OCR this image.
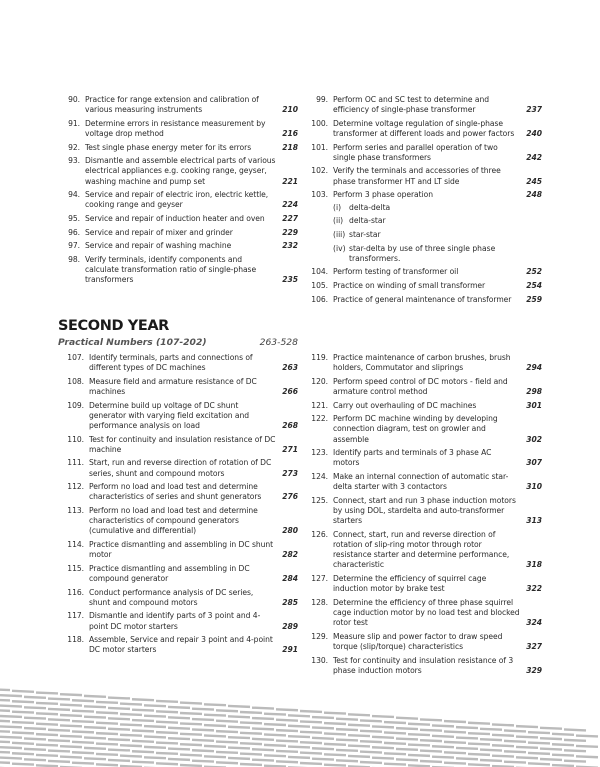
90. Practice for range extension and calibration of various measuring instruments	210
91. Determine errors in resistance measurement by voltage drop method	216
92. Test single phase energy meter for its errors	218
93. Dismantle and assemble electrical parts of various electrical appliances e.g. cooking range, geyser, washing machine and pump set	221
94. Service and repair of electric iron, electric kettle, cooking range and geyser	224
95. Service and repair of induction heater and oven	227
96. Service and repair of mixer and grinder	229
97. Service and repair of washing machine	232
98. Verify terminals, identify components and calculate transformation ratio of single-phase transformers	235
99. Perform OC and SC test to determine and efficiency of single-phase transformer	237
100. Determine voltage regulation of single-phase transformer at different loads and power factors	240
101. Perform series and parallel operation of two single phase transformers	242
102. Verify the terminals and accessories of three phase transformer HT and LT side	245
103. Perform 3 phase operation	248
(i)	delta-delta
(ii) delta-star
(iii) star-star
(iv) star-delta by use of three single phase transformers.
104. Perform testing of transformer oil	252
105. Practice on winding of small transformer	254
106. Practice of general maintenance of transformer	259
SECOND YEAR
Practical Numbers (107-202)	263-528
107. Identify terminals, parts and connections of different types of DC machines	263
108. Measure field and armature resistance of DC machines	266
109. Determine build up voltage of DC shunt generator with varying field excitation and performance analysis on load	268
110. Test for continuity and insulation resistance of DC machine	271
111. Start, run and reverse direction of rotation of DC series, shunt and compound motors	273
112. Perform no load and load test and determine characteristics of series and shunt generators	276
113. Perform no load and load test and determine characteristics of compound generators (cumulative and differential)	280
114. Practice dismantling and assembling in DC shunt motor	282
115. Practice dismantling and assembling in DC compound generator	284
116. Conduct performance analysis of DC series, shunt and compound motors	285
117. Dismantle and identify parts of 3 point and 4-point DC motor starters	289
118. Assemble, Service and repair 3 point and 4-point DC motor starters	291
119. Practice maintenance of carbon brushes, brush holders, Commutator and sliprings	294
120. Perform speed control of DC motors - field and armature control method	298
121. Carry out overhauling of DC machines	301
122. Perform DC machine winding by developing connection diagram, test on growler and assemble	302
123. Identify parts and terminals of 3 phase AC motors	307
124. Make an internal connection of automatic star-delta starter with 3 contactors	310
125. Connect, start and run 3 phase induction motors by using DOL, stardelta and auto-transformer starters	313
126. Connect, start, run and reverse direction of rotation of slip-ring motor through rotor resistance starter and determine performance, characteristic	318
127. Determine the efficiency of squirrel cage induction motor by brake test	322
128. Determine the efficiency of three phase squirrel cage induction motor by no load test and blocked rotor test	324
129. Measure slip and power factor to draw speed torque (slip/torque) characteristics	327
130. Test for continuity and insulation resistance of 3 phase induction motors	329
